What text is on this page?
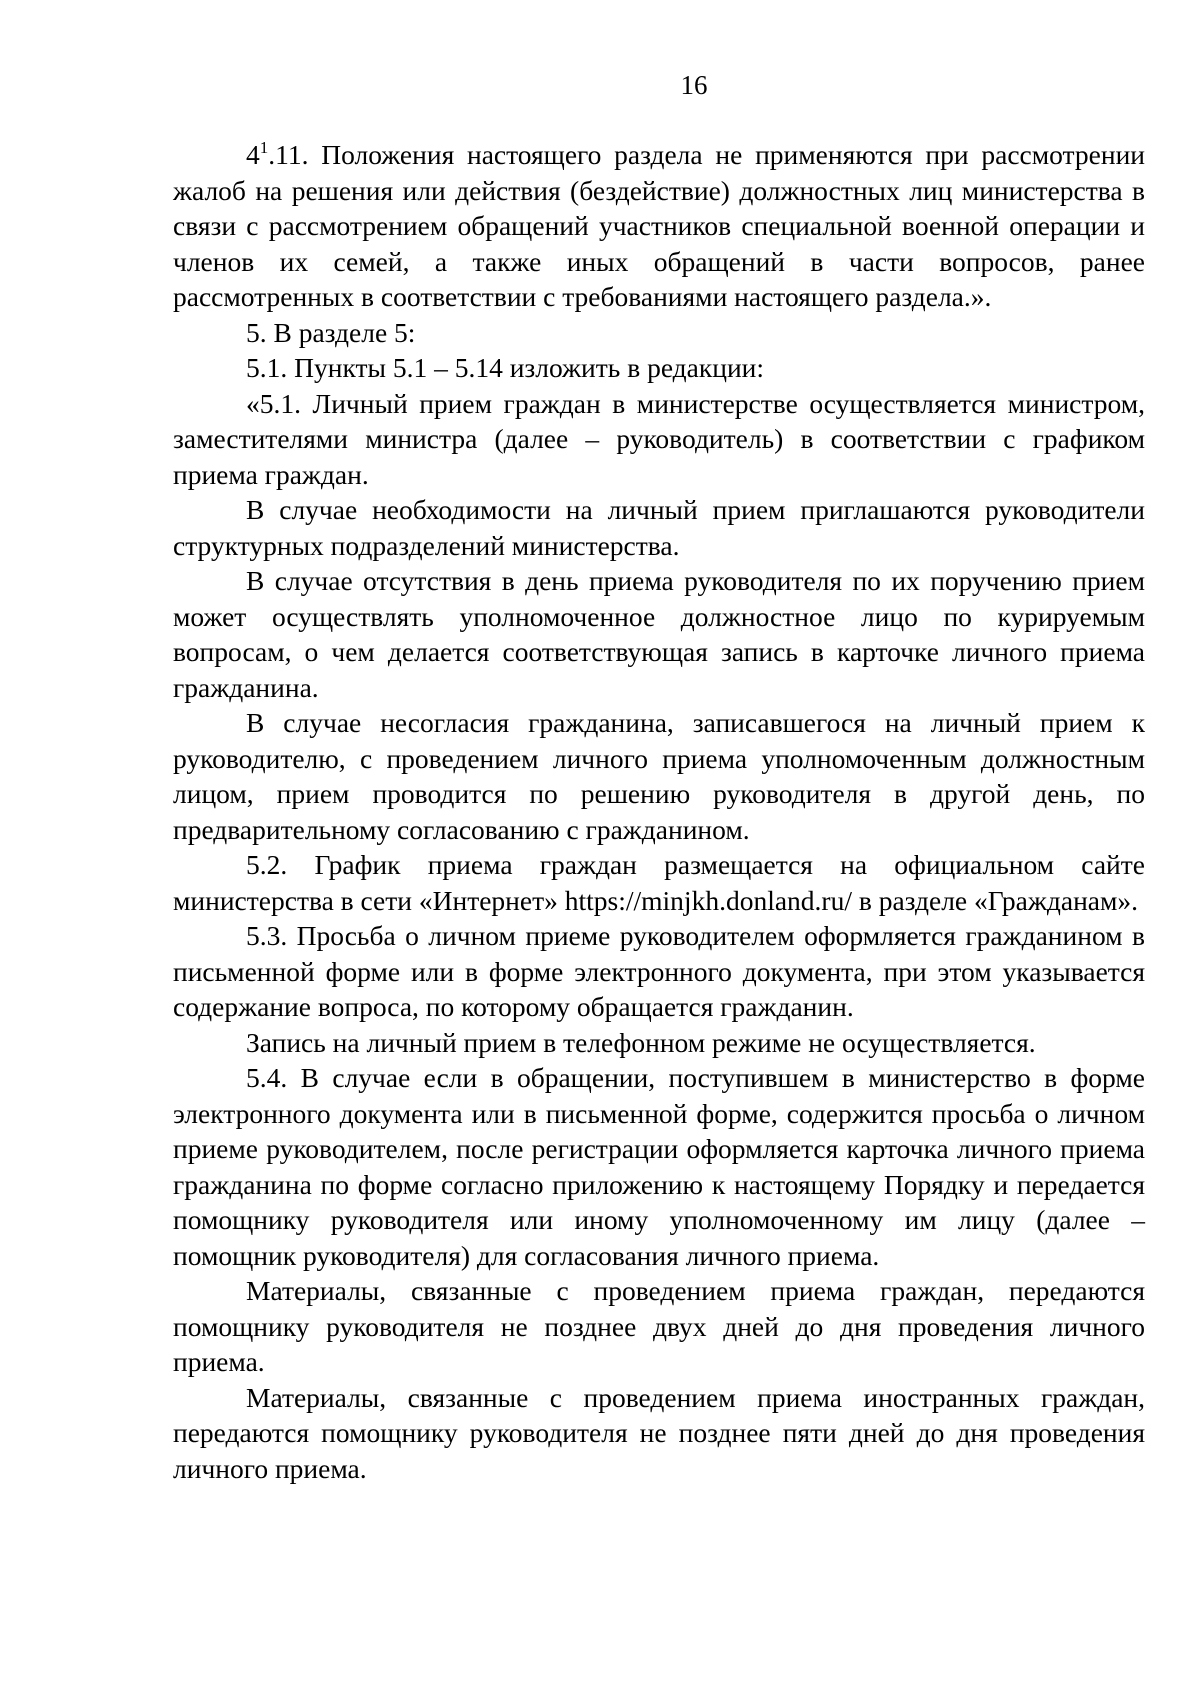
16

$4^1.11$. Положения настоящего раздела не применяются при рассмотрении жалоб на решения или действия (бездействие) должностных лиц министерства в связи с рассмотрением обращений участников специальной военной операции и членов их семей, а также иных обращений в части вопросов, ранее рассмотренных в соответствии с требованиями настоящего раздела.».

5. В разделе 5:

5.1. Пункты 5.1 – 5.14 изложить в редакции:

«5.1. Личный прием граждан в министерстве осуществляется министром, заместителями министра (далее – руководитель) в соответствии с графиком приема граждан.

В случае необходимости на личный прием приглашаются руководители структурных подразделений министерства.

В случае отсутствия в день приема руководителя по их поручению прием может осуществлять уполномоченное должностное лицо по курируемым вопросам, о чем делается соответствующая запись в карточке личного приема гражданина.

В случае несогласия гражданина, записавшегося на личный прием к руководителю, с проведением личного приема уполномоченным должностным лицом, прием проводится по решению руководителя в другой день, по предварительному согласованию с гражданином.

5.2. График приема граждан размещается на официальном сайте министерства в сети «Интернет» https://minjkh.donland.ru/ в разделе «Гражданам».

5.3. Просьба о личном приеме руководителем оформляется гражданином в письменной форме или в форме электронного документа, при этом указывается содержание вопроса, по которому обращается гражданин.

Запись на личный прием в телефонном режиме не осуществляется.

5.4. В случае если в обращении, поступившем в министерство в форме электронного документа или в письменной форме, содержится просьба о личном приеме руководителем, после регистрации оформляется карточка личного приема гражданина по форме согласно приложению к настоящему Порядку и передается помощнику руководителя или иному уполномоченному им лицу (далее – помощник руководителя) для согласования личного приема.

Материалы, связанные с проведением приема граждан, передаются помощнику руководителя не позднее двух дней до дня проведения личного приема.

Материалы, связанные с проведением приема иностранных граждан, передаются помощнику руководителя не позднее пяти дней до дня проведения личного приема.
